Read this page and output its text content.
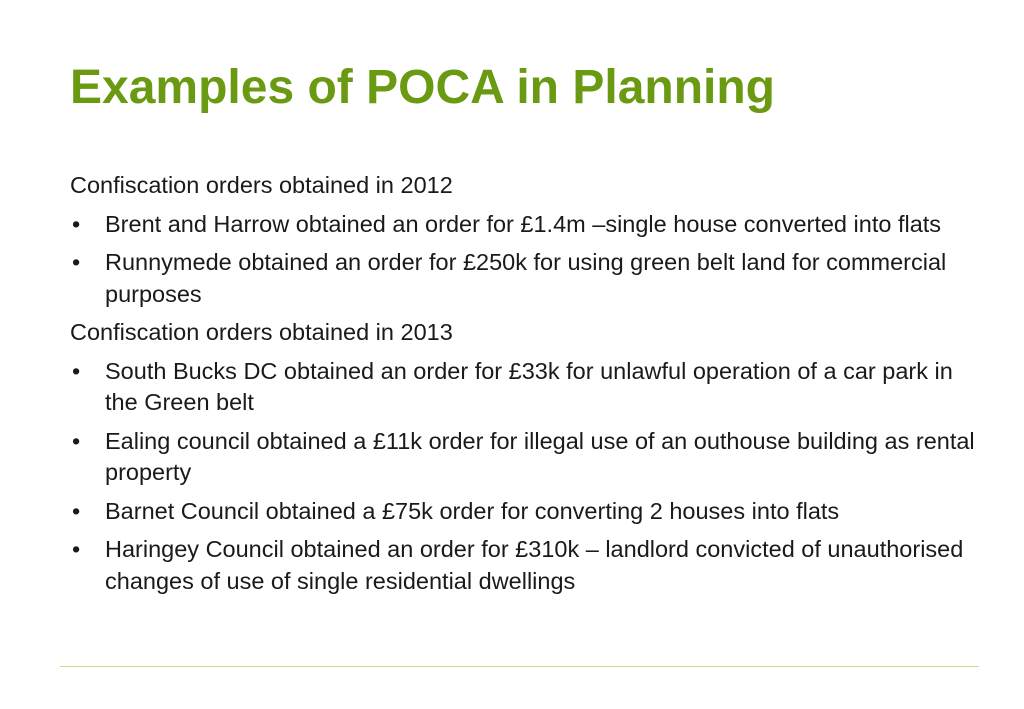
Examples of POCA in Planning

Confiscation orders obtained in 2012

•	Brent and Harrow obtained an order for £1.4m –single house converted into flats
•	Runnymede obtained an order for £250k for using green belt land for commercial purposes

Confiscation orders obtained in 2013

•	South Bucks DC obtained an order for £33k for unlawful operation of a car park in the Green belt
•	Ealing council obtained a £11k order for illegal use of an outhouse building as rental property
•	Barnet Council obtained a £75k order for converting 2 houses into flats
•	Haringey Council obtained an order for £310k – landlord convicted of unauthorised changes of use of single residential dwellings
